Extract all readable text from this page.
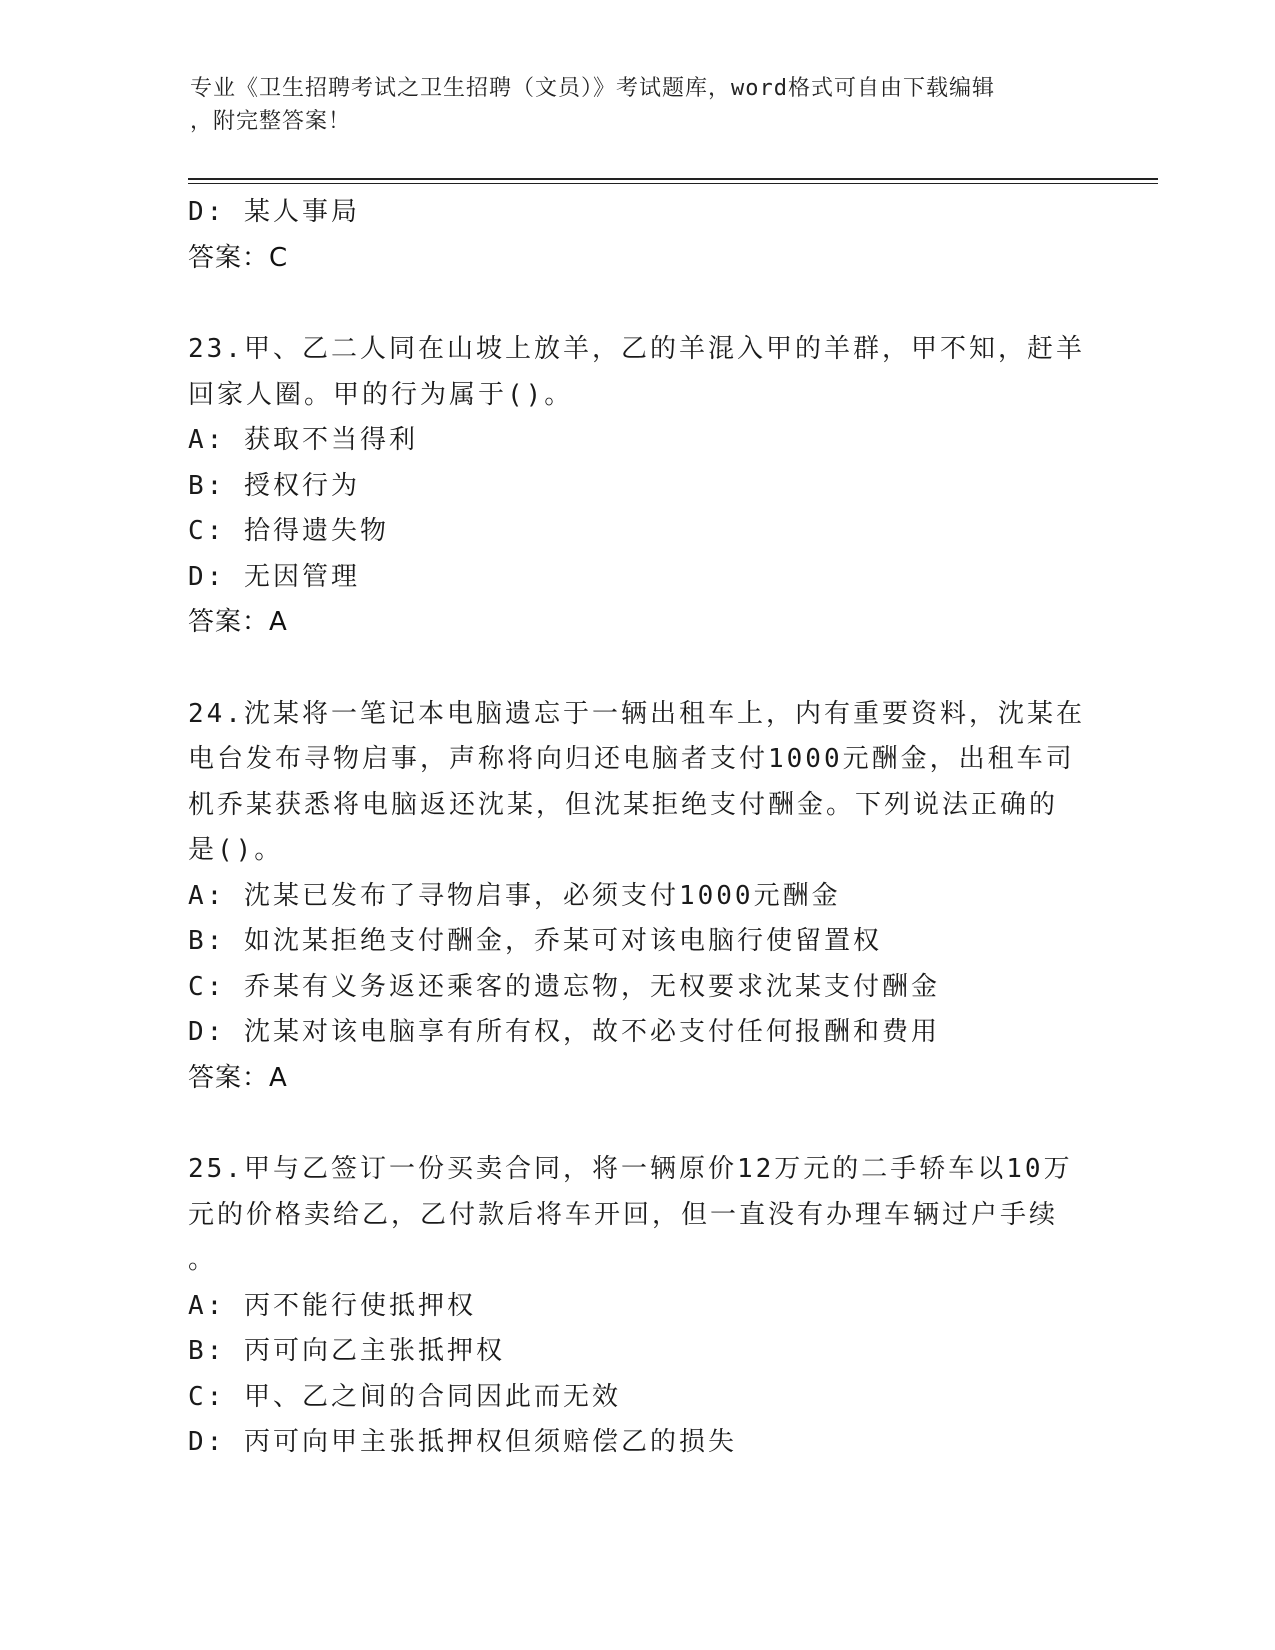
专业《卫生招聘考试之卫生招聘（文员）》考试题库，word格式可自由下载编辑
，附完整答案！
D: 某人事局
答案：C
23.甲、乙二人同在山坡上放羊，乙的羊混入甲的羊群，甲不知，赶羊
回家人圈。甲的行为属于()。
A: 获取不当得利
B: 授权行为
C: 拾得遗失物
D: 无因管理
答案：A
24.沈某将一笔记本电脑遗忘于一辆出租车上，内有重要资料，沈某在
电台发布寻物启事，声称将向归还电脑者支付1000元酬金，出租车司
机乔某获悉将电脑返还沈某，但沈某拒绝支付酬金。下列说法正确的
是()。
A: 沈某已发布了寻物启事，必须支付1000元酬金
B: 如沈某拒绝支付酬金，乔某可对该电脑行使留置权
C: 乔某有义务返还乘客的遗忘物，无权要求沈某支付酬金
D: 沈某对该电脑享有所有权，故不必支付任何报酬和费用
答案：A
25.甲与乙签订一份买卖合同，将一辆原价12万元的二手轿车以10万
元的价格卖给乙，乙付款后将车开回，但一直没有办理车辆过户手续
。
A: 丙不能行使抵押权
B: 丙可向乙主张抵押权
C: 甲、乙之间的合同因此而无效
D: 丙可向甲主张抵押权但须赔偿乙的损失
